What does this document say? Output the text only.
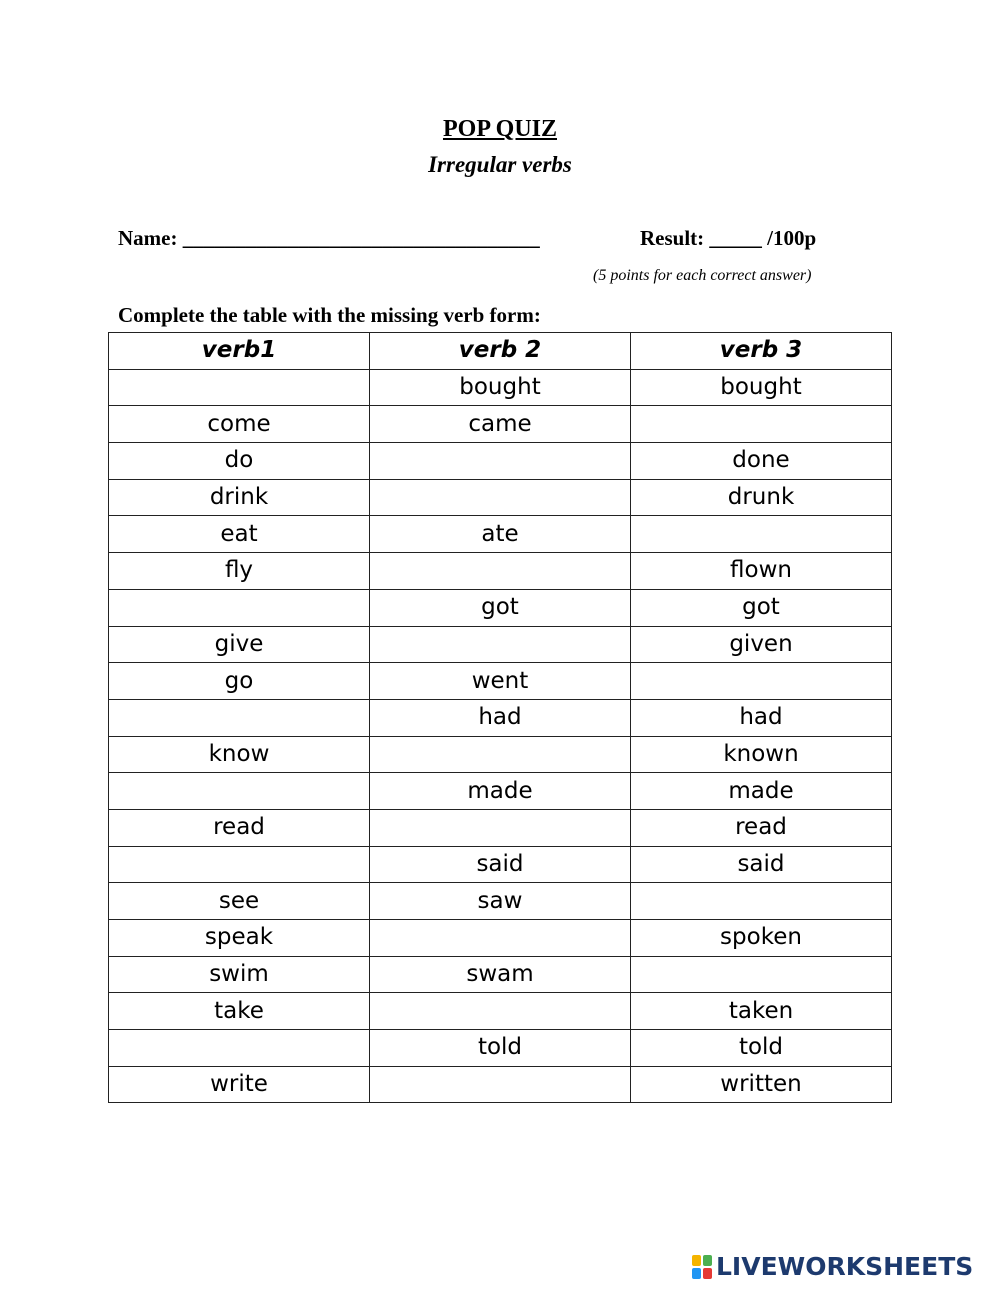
POP QUIZ
Irregular verbs
Name: __________________________________	Result: _____ /100p
(5 points for each correct answer)
Complete the table with the missing verb form:
verb1	verb 2	verb 3
	bought	bought
come	came	
do		done
drink		drunk
eat	ate	
fly		flown
	got	got
give		given
go	went	
	had	had
know		known
	made	made
read		read
	said	said
see	saw	
speak		spoken
swim	swam	
take		taken
	told	told
write		written
LIVEWORKSHEETS
